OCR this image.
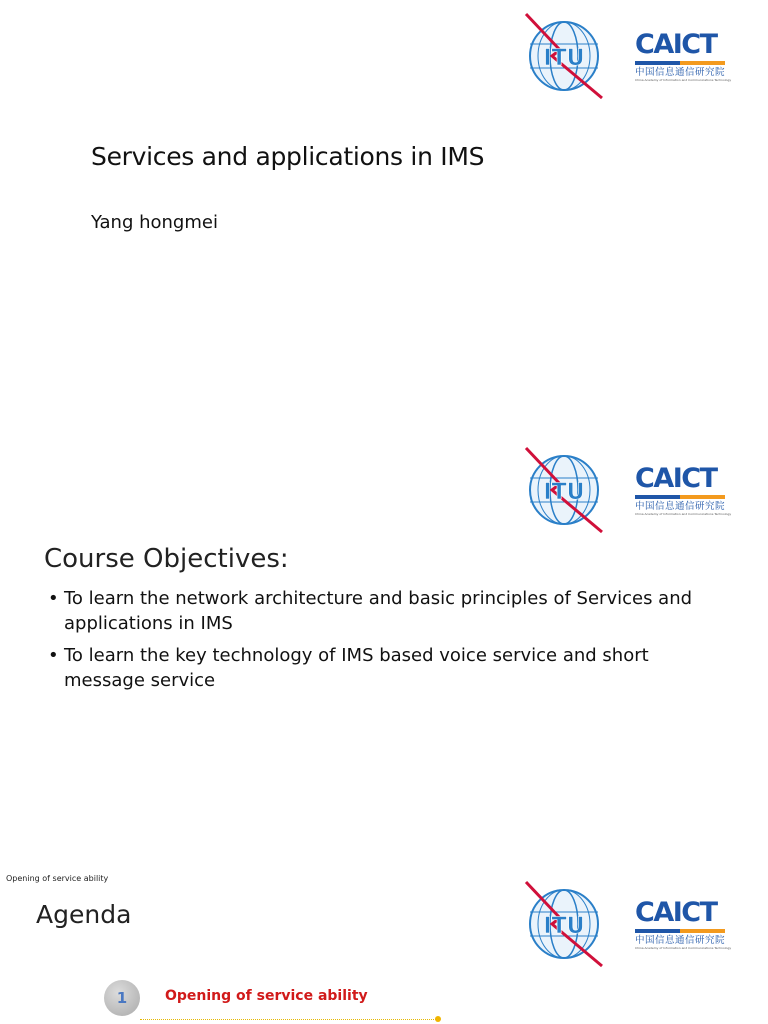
ITU CAICT
中国信息通信研究院
China Academy of Information and Communications Technology
Services and applications in IMS
Yang hongmei
ITU CAICT
中国信息通信研究院
China Academy of Information and Communications Technology
Course Objectives:
• To learn the network architecture and basic principles of Services and
applications in IMS
• To learn the key technology of IMS based voice service and short
message service
Opening of service ability
ITU CAICT
中国信息通信研究院
China Academy of Information and Communications Technology
Agenda
1	Opening of service ability
